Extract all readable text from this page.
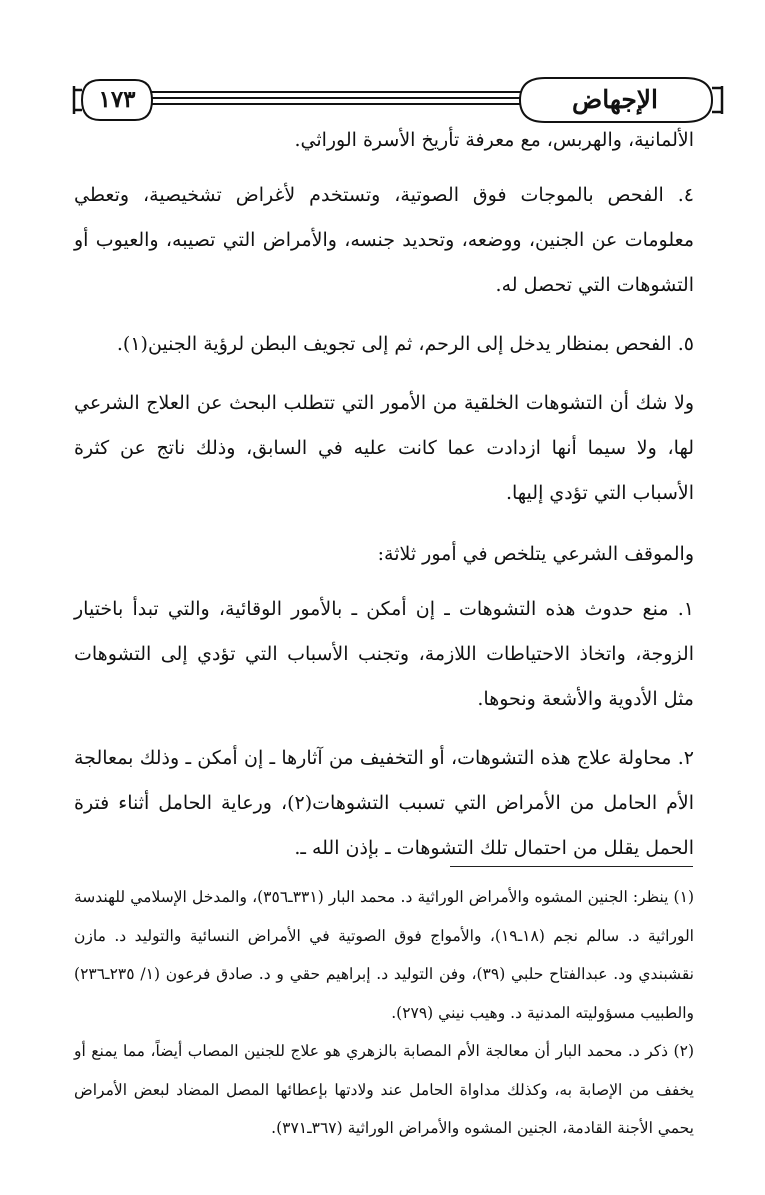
الإجهاض
١٧٣

الألمانية، والهربس، مع معرفة تأريخ الأسرة الوراثي.

٤. الفحص بالموجات فوق الصوتية، وتستخدم لأغراض تشخيصية، وتعطي معلومات عن الجنين، ووضعه، وتحديد جنسه، والأمراض التي تصيبه، والعيوب أو التشوهات التي تحصل له.

٥. الفحص بمنظار يدخل إلى الرحم، ثم إلى تجويف البطن لرؤية الجنين(١).

ولا شك أن التشوهات الخلقية من الأمور التي تتطلب البحث عن العلاج الشرعي لها، ولا سيما أنها ازدادت عما كانت عليه في السابق، وذلك ناتج عن كثرة الأسباب التي تؤدي إليها.

والموقف الشرعي يتلخص في أمور ثلاثة:

١. منع حدوث هذه التشوهات ـ إن أمكن ـ بالأمور الوقائية، والتي تبدأ باختيار الزوجة، واتخاذ الاحتياطات اللازمة، وتجنب الأسباب التي تؤدي إلى التشوهات مثل الأدوية والأشعة ونحوها.

٢. محاولة علاج هذه التشوهات، أو التخفيف من آثارها ـ إن أمكن ـ وذلك بمعالجة الأم الحامل من الأمراض التي تسبب التشوهات(٢)، ورعاية الحامل أثناء فترة الحمل يقلل من احتمال تلك التشوهات ـ بإذن الله ـ.

(١) ينظر: الجنين المشوه والأمراض الوراثية د. محمد البار (٣٣١ـ٣٥٦)، والمدخل الإسلامي للهندسة الوراثية د. سالم نجم (١٨ـ١٩)، والأمواج فوق الصوتية في الأمراض النسائية والتوليد د. مازن نقشبندي ود. عبدالفتاح حلبي (٣٩)، وفن التوليد د. إبراهيم حقي و د. صادق فرعون (١/ ٢٣٥ـ٢٣٦) والطبيب مسؤوليته المدنية د. وهيب نيني (٢٧٩).

(٢) ذكر د. محمد البار أن معالجة الأم المصابة بالزهري هو علاج للجنين المصاب أيضاً، مما يمنع أو يخفف من الإصابة به، وكذلك مداواة الحامل عند ولادتها بإعطائها المصل المضاد لبعض الأمراض يحمي الأجنة القادمة، الجنين المشوه والأمراض الوراثية (٣٦٧ـ٣٧١).
